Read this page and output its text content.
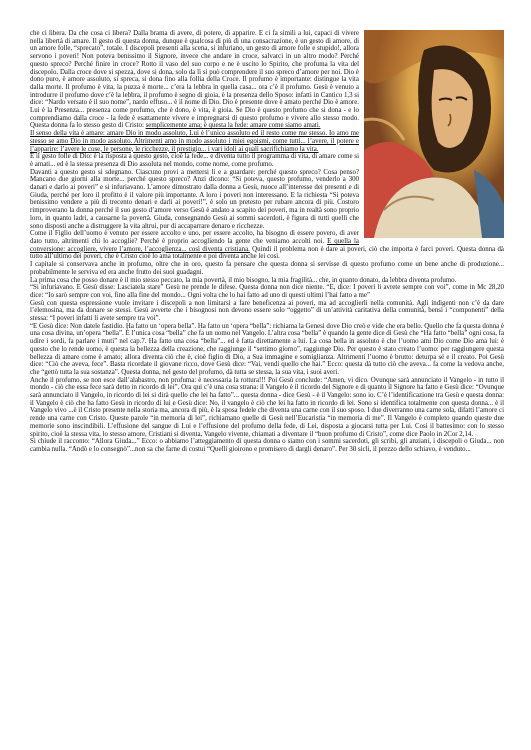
che ci libera. Da che cosa ci libera? Dalla brama di avere, di potere, di apparire. E ci fa simili a lui, capaci di vivere nella libertà di amare. Il gesto di questa donna, dunque è qualcosa di più di una consacrazione, è un gesto di amore, di un amore folle, “sprecato”, totale. I discepoli presenti alla scena, si infuriano, un gesto di amore folle e stupido!, allora servono i poveri! Non poteva benissimo il Signore, invece che andare in croce, salvarci in un altro modo? Perché questo spreco? Perché finire in croce? Rotto il vaso del suo corpo e ne è uscito lo Spirito, che profuma la vita del discepolo. Dalla croce dove si spezza, dove si dona, solo da lì si può comprendere il suo spreco d’amore per noi. Dio è dono puro, è amore assoluto, si spreca, si dona fino alla follia della Croce. Il profumo è importante: distingue la vita dalla morte. Il profumo è vita, la puzza è morte... c’era la lebbra in quella casa... ora c’è il profumo. Gesù è venuto a introdurre il profumo dove c’è la lebbra, il profumo è segno di gioia, è la presenza dello Sposo: infatti in Cantico 1,3 si dice: “Nardo versato è il suo nome”, nardo effuso... è il nome di Dio. Dio è presente dove è amato perché Dio è amore. Lui è la Presenza... presenza come profumo, che è dono, è vita, è gioia. Se Dio è questo profumo che si dona - e lo comprendiamo dalla croce - la fede è esattamente vivere e impregnarsi di questo profumo e vivere allo stesso modo. Questa donna fa lo stesso gesto di Cristo: semplicemente ama; è questa la fede: amare come siamo amati.

Il senso della vita è amare: amare Dio in modo assoluto, Lui è l’unico assoluto ed il resto come me stesso. Io amo me stesso se amo Dio in modo assoluto. Altrimenti amo in modo assoluto i miei egoismi, come tutti... l’avere, il potere e l’apparire: l’avere le cose, le persone, le ricchezze, il prestigio... i vari idoli ai quali sacrifichiamo la vita.

È il gesto folle di Dio: è la risposta a questo gesto, cioè la fede... e diventa tutto il programma di vita, di amare come si è amati... ed è la stessa presenza di Dio assoluta nel mondo, come nome, come profumo.

Davanti a questo gesto si sdegnano. Ciascuno provi a mettersi lì e a guardare: perché questo spreco? Cosa penso? Mancano due giorni alla morte... perché questo spreco? Anzi dicono: “Si poteva, questo profumo, venderlo a 300 danari e darlo ai poveri” e si infuriavano. L’amore dimostrato dalla donna a Gesù, nuoce all’interesse dei presenti e di Giuda, perché per loro il profitto è il valore più importante. A loro i poveri non interessano. E la richiesta “Si poteva benissimo vendere a più di trecento denari e darli ai poveri!”, è solo un pretesto per rubare ancora di più. Costoro rimproverano la donna perché il suo gesto d’amore verso Gesù è andato a scapito dei poveri, ma in realtà sono proprio loro, in quanto ladri, a causarne la povertà. Giuda, consegnando Gesù ai sommi sacerdoti, è figura di tutti quelli che sono disposti anche a distruggere la vita altrui, pur di accaparrare denaro e ricchezze.

Come il Figlio dell’uomo è venuto per essere accolto e uno, per essere accolto, ha bisogno di essere povero, di aver dato tutto, altrimenti chi lo accoglie? Perché è proprio accogliendo la gente che veniamo accolti noi. E quella la conversione: accogliere, vivere l’amore, l’accoglienza... così diventa cristiana. Quindi il problema non è dare ai poveri, ciò che importa è farci poveri. Questa donna dà tutto all’ultimo dei poveri, che è Cristo cioè lo ama totalmente e poi diventa anche lei così.

I capitale si conservava anche in profumo, oltre che in oro, questo fa pensare che questa donna si servisse di questo profumo come un bene anche di produzione... probabilmente le serviva ed era anche frutto dei suoi guadagni.

La prima cosa che posso donare è il mio stesso peccato, la mia povertà, il mio bisogno, la mia fragilità... che, in quanto donato, da lebbra diventa profumo.

“Si infuriavano. E Gesù disse: Lasciatela stare” Gesù ne prende le difese. Questa donna non dice niente. “E, dice: I poveri li avrete sempre con voi”, come in Mc 28,20 dice: “Io sarò sempre con voi, fino alla fine del mondo... Ogni volta che lo hai fatto ad uno di questi ultimi l’hai fatto a me”

Gesù con questa espressione vuole invitare i discepoli a non limitarsi a fare beneficenza ai poveri, ma ad accoglierli nella comunità. Agli indigenti non c’è da dare l’elemosina, ma da donare se stessi. Gesù avverte che i bisognosi non devono essere solo “oggetto” di un’attività caritativa della comunità, bensì i “componenti” della stessa: “I poveri infatti li avete sempre tra voi”.

“E Gesù dice: Non datele fastidio. Ha fatto un ‘opera bella”. Ha fatto un ‘opera “bella”: richiama la Genesi dove Dio creò e vide che era bello. Quello che fa questa donna è una cosa divina, un’opera “bella”. È l’unica cosa “bella” che fa un uomo nel Vangelo. L’altra cosa “bella” è quando la gente dice di Gesù che “Ha fatto “bella” ogni cosa, fa udire i sordi, fa parlare i muti” nel cap.7. Ha fatto una cosa “bella”... ed è fatta direttamente a lui. La cosa bella in assoluto è che l’uomo ami Dio come Dio ama lui: è questo che lo rende uomo, è questa la bellezza della creazione, che raggiunge il “settimo giorno”, raggiunge Dio. Per questo è stato creato l’uomo: per raggiungere questa bellezza di amare come è amato; allora diventa ciò che è, cioè figlio di Dio, a Sua immagine e somiglianza. Altrimenti l’uomo è brutto: deturpa sé e il creato. Poi Gesù dice: “Ciò che aveva, fece”. Basta ricordate il giovane ricco, dove Gesù dice: “Vai, vendi quello che hai.” Ecco: questa dà tutto ciò che aveva... fa come la vedova anche, che “gettò tutta la sua sostanza”. Questa donna, nel gesto del profumo, dà tutta se stessa, la sua vita, i suoi averi.

Anche il profumo, se non esce dall’alabastro, non profuma: è necessaria la rottura!!! Poi Gesù conclude: “Amen, vi dico. Ovunque sarà annunciato il Vangelo - in tutto il mondo - ciò che essa fece sarà detto in ricordo di lei”. Ora qui c’è una cosa strana: il Vangelo è il ricordo del Signore e di quanto il Signore ha fatto e Gesù dice: “Ovunque sarà annunciato il Vangelo, in ricordo di lei si dirà quello che lei ha fatto”... questa donna - dice Gesù - è il Vangelo: sono io. C’è l’identificazione tra Gesù e questa donna: il Vangelo è ciò che ha fatto Gesù in ricordo di lui e Gesù dice: No, il vangelo è ciò che lei ha fatto in ricordo di lei. Sono si identifica totalmente con questa donna... è il Vangelo vivo ...è il Cristo presente nella storia ma, ancora di più, è la sposa fedele che diventa una carne con il suo sposo. I due diverranno una carne sola, difatti l’amore ci rende una carne con Cristo. Queste parole “in memoria di lei”, richiamano quelle di Gesù nell’Eucaristia “in memoria di me”. Il Vangelo è completo quando queste due memorie sono inscindibili. L’effusione del sangue di Lui e l’effusione del profumo della fede, di Lei, disposta a giocarsi tutta per Lui. Così il battesimo: con lo stesso spirito, cioè la stessa vita, lo stesso amore, Cristiani si diventa, Vangelo vivente, chiamati a diventare il “buon profumo di Cristo”, come dice Paolo in 2Cor 2,14.

Si chiude il racconto: “Allora Giuda...” Ecco: o abbiamo l’atteggiamento di questa donna o siamo con i sommi sacerdoti, gli scribi, gli anziani, i discepoli o Giuda... non cambia nulla. “Andò e lo consegnò”...non sa che farne di costui “Quelli gioirono e promisero di dargli denaro”. Per 30 sicli, il prezzo dello schiavo, è venduto...
